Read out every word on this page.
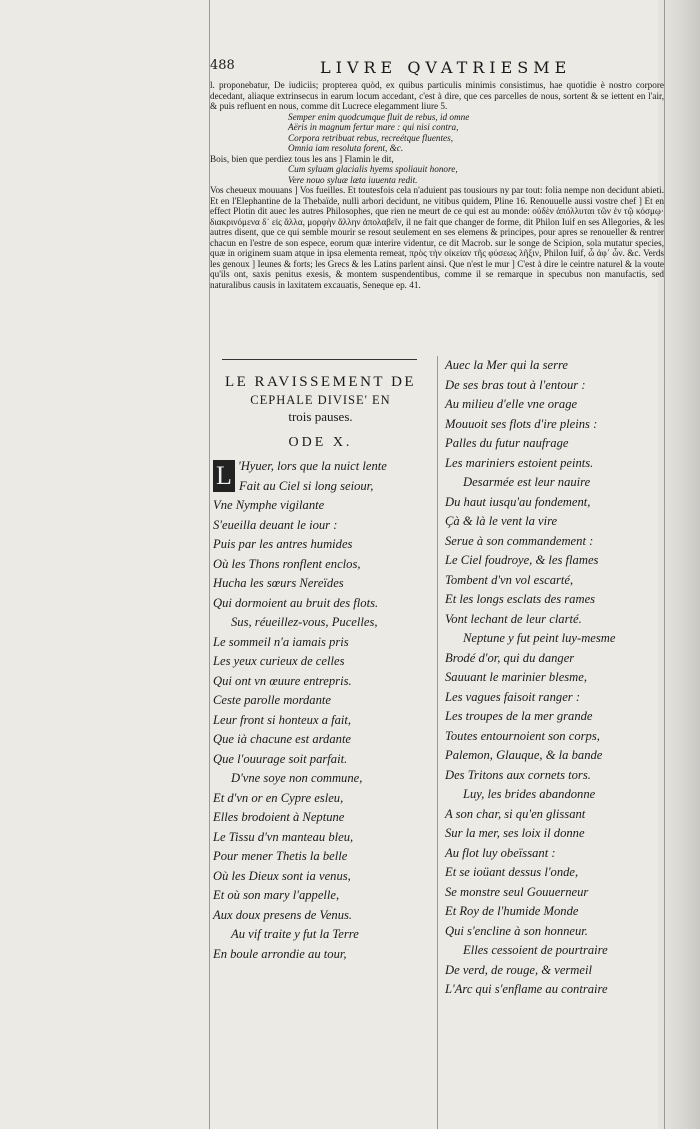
488	LIVRE QVATRIESME

l. proponebatur, De iudiciis; propterea quòd, ex quibus particulis minimis consistimus, hae quotidie è nostro corpore decedant, aliaque extrinsecus in earum locum accedant, c'est à dire, que ces parcelles de nous, sortent & se iettent en l'air, & puis refluent en nous, comme dit Lucrece elegamment liure 5.

Semper enim quodcumque fluit de rebus, id omne

Aëris in magnum fertur mare : qui nisi contra,

Corpora retribuat rebus, recreétque fluentes,

Omnia iam resoluta forent, &c.

Bois, bien que perdiez tous les ans ] Flamin le dit,

Cum syluam glacialis hyems spoliauit honore,

Vere nouo syluæ læta iuuenta redit.

Vos cheueux mouuans ] Vos fueilles. Et toutesfois cela n'aduient pas tousiours ny par tout: folia nempe non decidunt abieti. Et en l'Elephantine de la Thebaïde, nulli arbori decidunt, ne vitibus quidem, Pline 16. Renouuelle aussi vostre chef ] Et en effect Plotin dit auec les autres Philosophes, que rien ne meurt de ce qui est au monde: οὐδὲν ἀπόλλυται τῶν ἐν τῷ κόσμῳ· διακρινόμενα δ᾽ εἰς ἄλλα, μορφὴν ἄλλην ἀπολαβεῖν, il ne fait que changer de forme, dit Philon Iuif en ses Allegories, & les autres disent, que ce qui semble mourir se resout seulement en ses elemens & principes, pour apres se renoueller & rentrer chacun en l'estre de son espece, eorum quæ interire videntur, ce dit Macrob. sur le songe de Scipion, sola mutatur species, quæ in originem suam atque in ipsa elementa remeat, πρὸς τὴν οἰκείαν τῆς φύσεως λῆξιν, Philon Iuif, ὦ ἀφ᾽ ὧν. &c. Verds les genoux ] Ieunes & forts; les Grecs & les Latins parlent ainsi. Que n'est le mur ] C'est à dire le ceintre naturel & la voute qu'ils ont, saxis penitus exesis, & montem suspendentibus, comme il se remarque in specubus non manufactis, sed naturalibus causis in laxitatem excauatis, Seneque ep. 41.

LE RAVISSEMENT DE
CEPHALE DIVISE' EN
trois pauses.
ODE X.
L 'Hyuer, lors que la nuict lente
Fait au Ciel si long seiour,
Vne Nymphe vigilante
S'eueilla deuant le iour :
Puis par les antres humides
Où les Thons ronflent enclos,
Hucha les sœurs Nereïdes
Qui dormoient au bruit des flots.
Sus, réueillez-vous, Pucelles,
Le sommeil n'a iamais pris
Les yeux curieux de celles
Qui ont vn œuure entrepris.
Ceste parolle mordante
Leur front si honteux a fait,
Que ià chacune est ardante
Que l'ouurage soit parfait.
D'vne soye non commune,
Et d'vn or en Cypre esleu,
Elles brodoient à Neptune
Le Tissu d'vn manteau bleu,
Pour mener Thetis la belle
Où les Dieux sont ia venus,
Et où son mary l'appelle,
Aux doux presens de Venus.
Au vif traite y fut la Terre
En boule arrondie au tour,
Auec la Mer qui la serre
De ses bras tout à l'entour :
Au milieu d'elle vne orage
Mouuoit ses flots d'ire pleins :
Palles du futur naufrage
Les mariniers estoient peints.
Desarmée est leur nauire
Du haut iusqu'au fondement,
Çà & là le vent la vire
Serue à son commandement :
Le Ciel foudroye, & les flames
Tombent d'vn vol escarté,
Et les longs esclats des rames
Vont lechant de leur clarté.
Neptune y fut peint luy-mesme
Brodé d'or, qui du danger
Sauuant le marinier blesme,
Les vagues faisoit ranger :
Les troupes de la mer grande
Toutes entournoient son corps,
Palemon, Glauque, & la bande
Des Tritons aux cornets tors.
Luy, les brides abandonne
A son char, si qu'en glissant
Sur la mer, ses loix il donne
Au flot luy obeïssant :
Et se ioüant dessus l'onde,
Se monstre seul Gouuerneur
Et Roy de l'humide Monde
Qui s'encline à son honneur.
Elles cessoient de pourtraire
De verd, de rouge, & vermeil
L'Arc qui s'enflame au contraire
